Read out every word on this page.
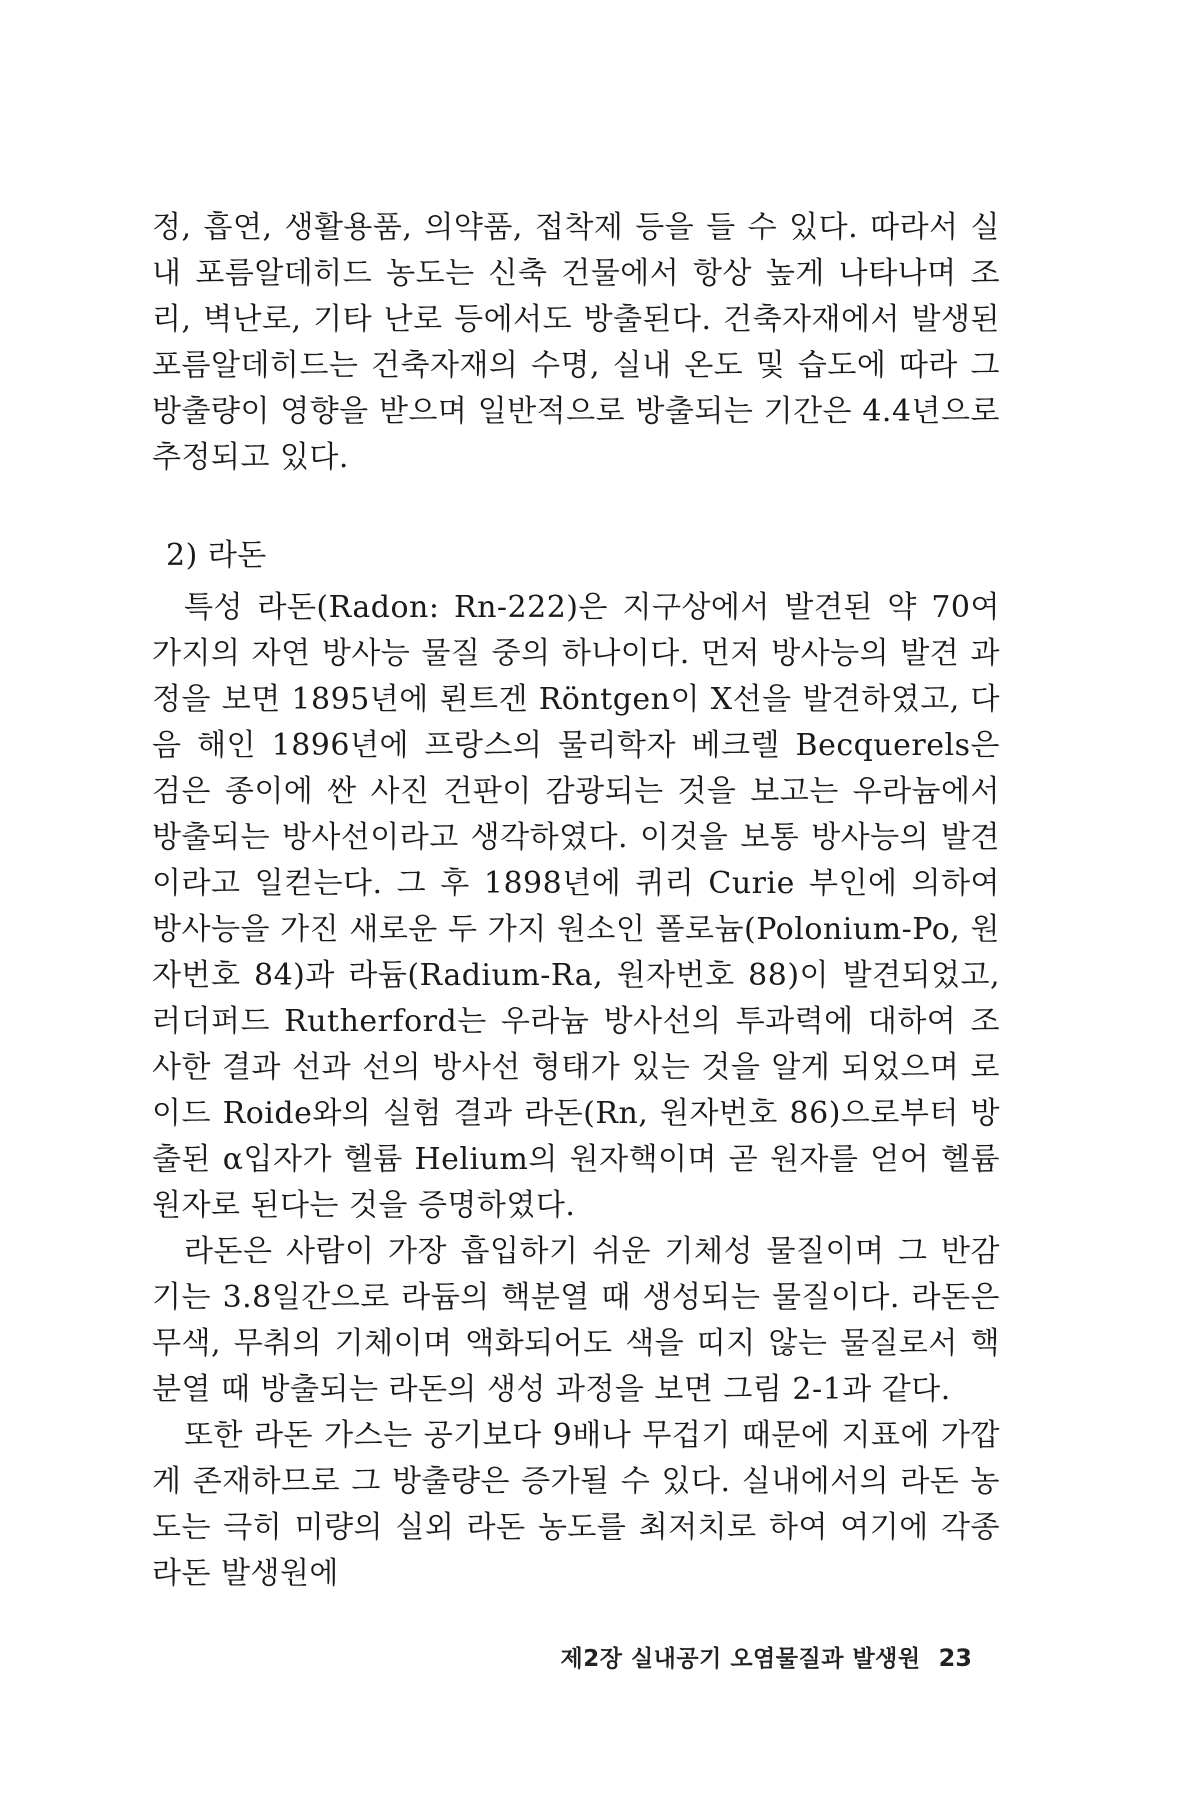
정, 흡연, 생활용품, 의약품, 접착제 등을 들 수 있다. 따라서 실내 포름알데히드 농도는 신축 건물에서 항상 높게 나타나며 조리, 벽난로, 기타 난로 등에서도 방출된다. 건축자재에서 발생된 포름알데히드는 건축자재의 수명, 실내 온도 및 습도에 따라 그 방출량이 영향을 받으며 일반적으로 방출되는 기간은 4.4년으로 추정되고 있다.

2) 라돈

특성 라돈(Radon: Rn-222)은 지구상에서 발견된 약 70여 가지의 자연 방사능 물질 중의 하나이다. 먼저 방사능의 발견 과정을 보면 1895년에 뢴트겐 Röntgen이 X선을 발견하였고, 다음 해인 1896년에 프랑스의 물리학자 베크렐 Becquerels은 검은 종이에 싼 사진 건판이 감광되는 것을 보고는 우라늄에서 방출되는 방사선이라고 생각하였다. 이것을 보통 방사능의 발견이라고 일컫는다. 그 후 1898년에 퀴리 Curie 부인에 의하여 방사능을 가진 새로운 두 가지 원소인 폴로늄(Polonium-Po, 원자번호 84)과 라듐(Radium-Ra, 원자번호 88)이 발견되었고, 러더퍼드 Rutherford는 우라늄 방사선의 투과력에 대하여 조사한 결과 선과 선의 방사선 형태가 있는 것을 알게 되었으며 로이드 Roide와의 실험 결과 라돈(Rn, 원자번호 86)으로부터 방출된 α입자가 헬륨 Helium의 원자핵이며 곧 원자를 얻어 헬륨 원자로 된다는 것을 증명하였다.

라돈은 사람이 가장 흡입하기 쉬운 기체성 물질이며 그 반감기는 3.8일간으로 라듐의 핵분열 때 생성되는 물질이다. 라돈은 무색, 무취의 기체이며 액화되어도 색을 띠지 않는 물질로서 핵분열 때 방출되는 라돈의 생성 과정을 보면 그림 2-1과 같다.

또한 라돈 가스는 공기보다 9배나 무겁기 때문에 지표에 가깝게 존재하므로 그 방출량은 증가될 수 있다. 실내에서의 라돈 농도는 극히 미량의 실외 라돈 농도를 최저치로 하여 여기에 각종 라돈 발생원에

제2장 실내공기 오염물질과 발생원 23
